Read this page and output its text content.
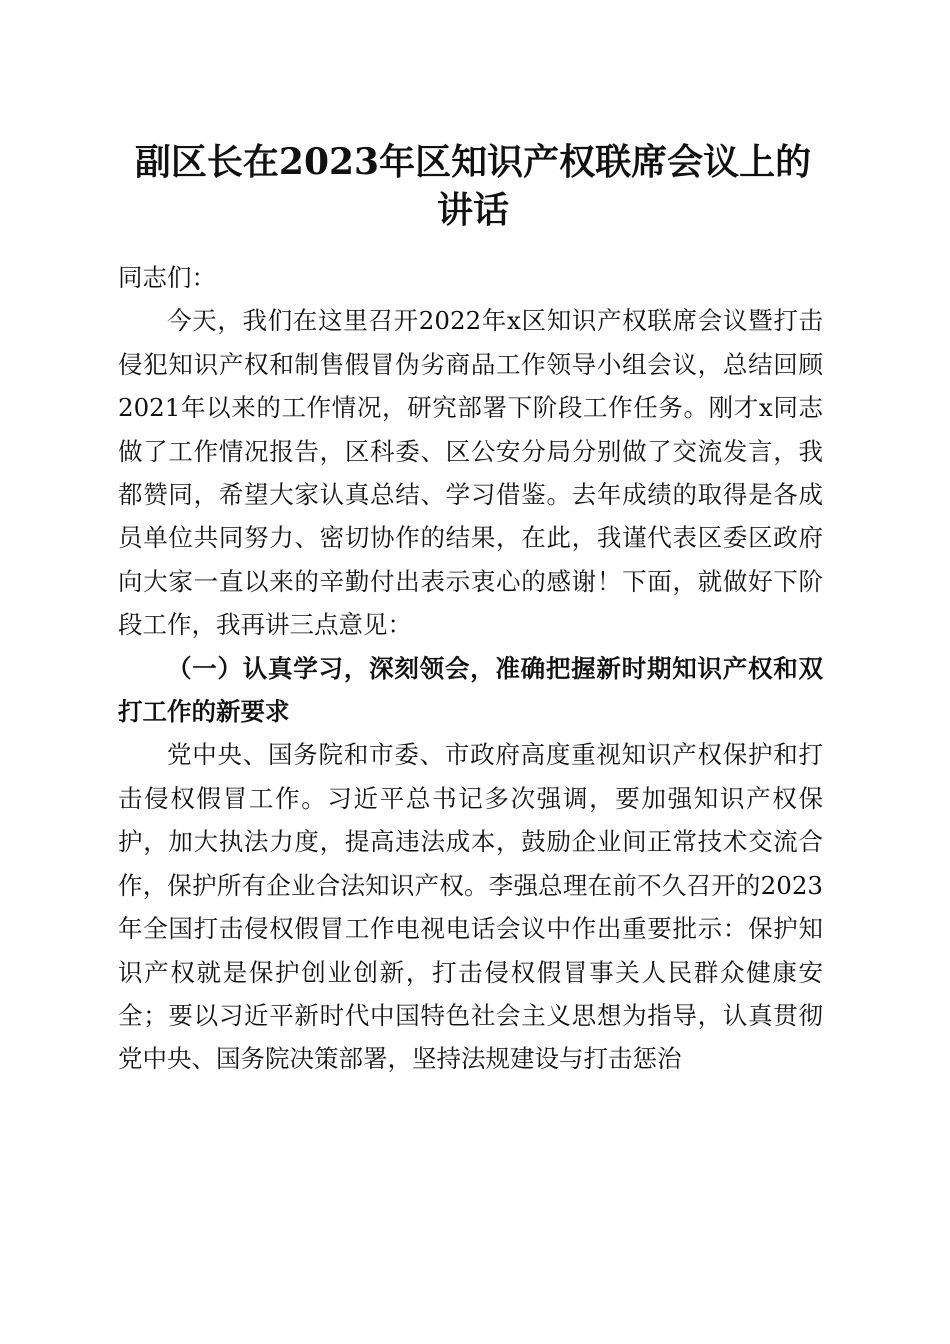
副区长在2023年区知识产权联席会议上的讲话

同志们：

今天，我们在这里召开2022年x区知识产权联席会议暨打击侵犯知识产权和制售假冒伪劣商品工作领导小组会议，总结回顾2021年以来的工作情况，研究部署下阶段工作任务。刚才x同志做了工作情况报告，区科委、区公安分局分别做了交流发言，我都赞同，希望大家认真总结、学习借鉴。去年成绩的取得是各成员单位共同努力、密切协作的结果，在此，我谨代表区委区政府向大家一直以来的辛勤付出表示衷心的感谢！下面，就做好下阶段工作，我再讲三点意见：

（一）认真学习，深刻领会，准确把握新时期知识产权和双打工作的新要求

党中央、国务院和市委、市政府高度重视知识产权保护和打击侵权假冒工作。习近平总书记多次强调，要加强知识产权保护，加大执法力度，提高违法成本，鼓励企业间正常技术交流合作，保护所有企业合法知识产权。李强总理在前不久召开的2023年全国打击侵权假冒工作电视电话会议中作出重要批示：保护知识产权就是保护创业创新，打击侵权假冒事关人民群众健康安全；要以习近平新时代中国特色社会主义思想为指导，认真贯彻党中央、国务院决策部署，坚持法规建设与打击惩治
